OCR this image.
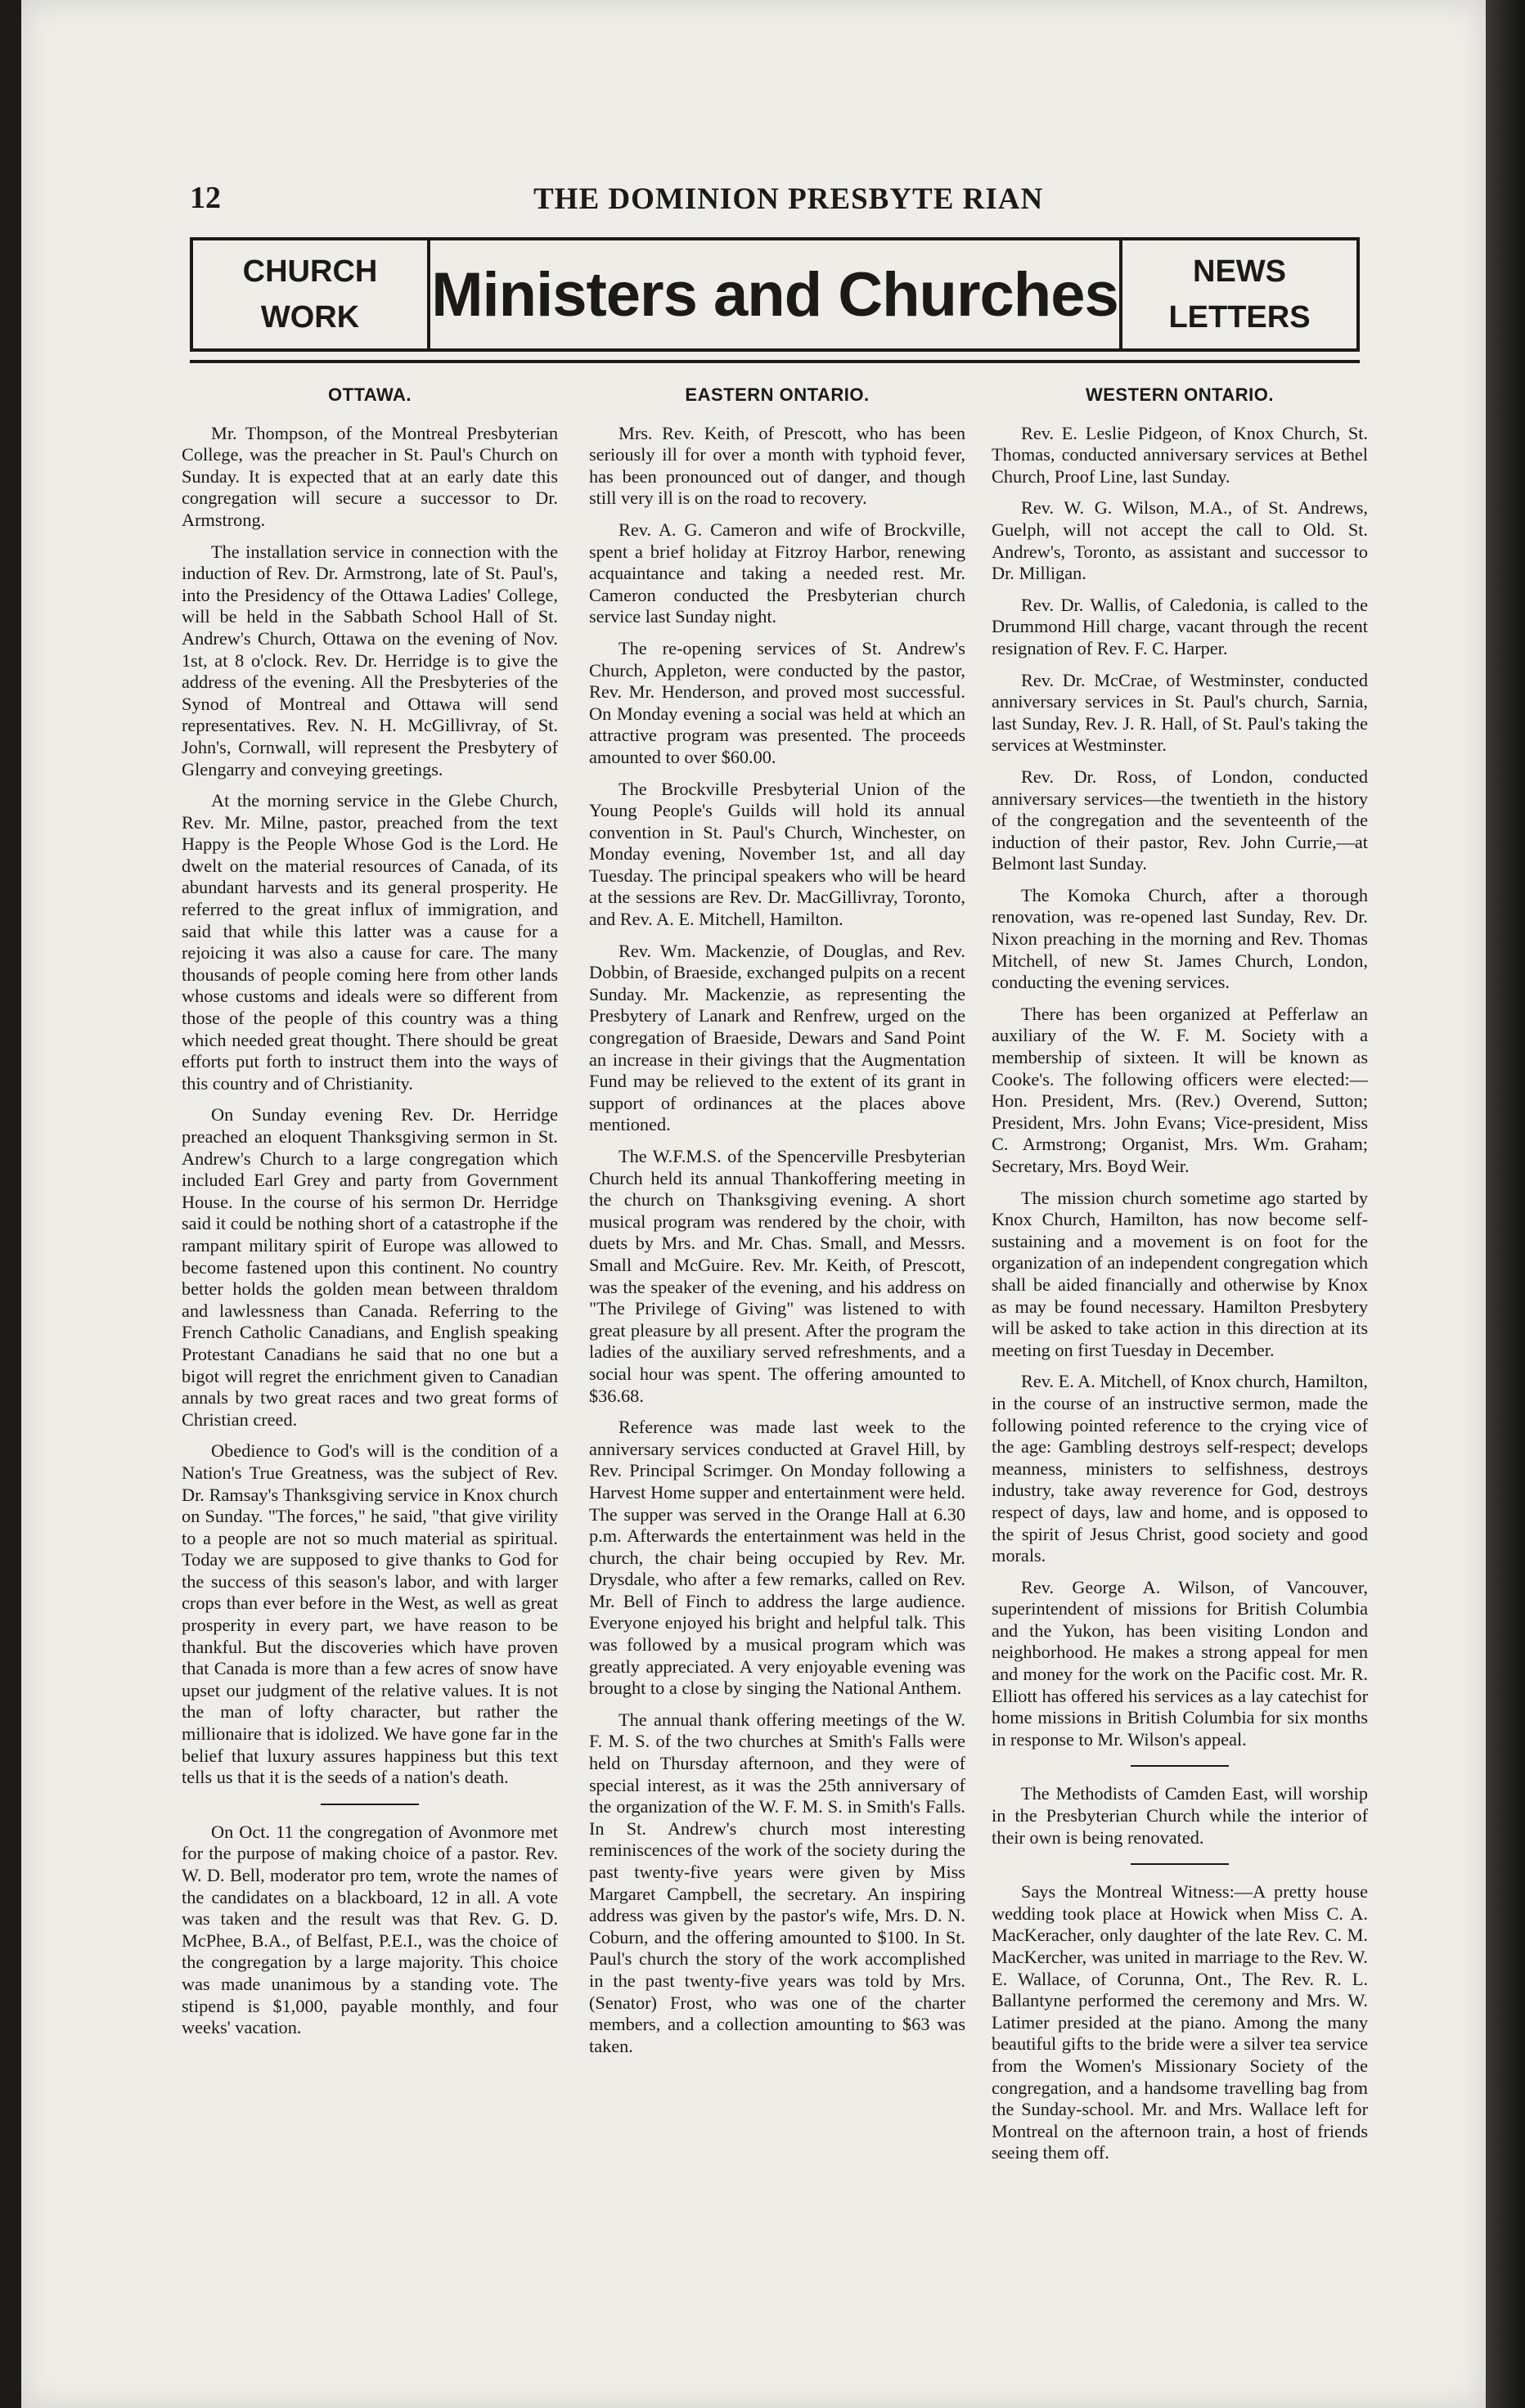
12	THE DOMINION PRESBYTE ⁠RIAN
CHURCH
WORK Ministers and Churches NEWS
LETTERS
OTTAWA.

Mr. Thompson, of the Montreal Presbyterian College, was the preacher in St. Paul's Church on Sunday. It is expected that at an early date this congregation will secure a successor to Dr. Armstrong.

The installation service in connection with the induction of Rev. Dr. Armstrong, late of St. Paul's, into the Presidency of the Ottawa Ladies' College, will be held in the Sabbath School Hall of St. Andrew's Church, Ottawa on the evening of Nov. 1st, at 8 o'clock. Rev. Dr. Herridge is to give the address of the evening. All the Presbyteries of the Synod of Montreal and Ottawa will send representatives. Rev. N. H. McGillivray, of St. John's, Cornwall, will represent the Presbytery of Glengarry and conveying greetings.

At the morning service in the Glebe Church, Rev. Mr. Milne, pastor, preached from the text Happy is the People Whose God is the Lord. He dwelt on the material resources of Canada, of its abundant harvests and its general prosperity. He referred to the great influx of immigration, and said that while this latter was a cause for a rejoicing it was also a cause for care. The many thousands of people coming here from other lands whose customs and ideals were so different from those of the people of this country was a thing which needed great thought. There should be great efforts put forth to instruct them into the ways of this country and of Christianity.

On Sunday evening Rev. Dr. Herridge preached an eloquent Thanksgiving sermon in St. Andrew's Church to a large congregation which included Earl Grey and party from Government House. In the course of his sermon Dr. Herridge said it could be nothing short of a catastrophe if the rampant military spirit of Europe was allowed to become fastened upon this continent. No country better holds the golden mean between thraldom and lawlessness than Canada. Referring to the French Catholic Canadians, and English speaking Protestant Canadians he said that no one but a bigot will regret the enrichment given to Canadian annals by two great races and two great forms of Christian creed.

Obedience to God's will is the condition of a Nation's True Greatness, was the subject of Rev. Dr. Ramsay's Thanksgiving service in Knox church on Sunday. "The forces," he said, "that give virility to a people are not so much material as spiritual. Today we are supposed to give thanks to God for the success of this season's labor, and with larger crops than ever before in the West, as well as great prosperity in every part, we have reason to be thankful. But the discoveries which have proven that Canada is more than a few acres of snow have upset our judgment of the relative values. It is not the man of lofty character, but rather the millionaire that is idolized. We have gone far in the belief that luxury assures happiness but this text tells us that it is the seeds of a nation's death.

On Oct. 11 the congregation of Avonmore met for the purpose of making choice of a pastor. Rev. W. D. Bell, moderator pro tem, wrote the names of the candidates on a blackboard, 12 in all. A vote was taken and the result was that Rev. G. D. McPhee, B.A., of Belfast, P.E.I., was the choice of the congregation by a large majority. This choice was made unanimous by a standing vote. The stipend is $1,000, payable monthly, and four weeks' vacation.

EASTERN ONTARIO.

Mrs. Rev. Keith, of Prescott, who has been seriously ill for over a month with typhoid fever, has been pronounced out of danger, and though still very ill is on the road to recovery.

Rev. A. G. Cameron and wife of Brockville, spent a brief holiday at Fitzroy Harbor, renewing acquaintance and taking a needed rest. Mr. Cameron conducted the Presbyterian church service last Sunday night.

The re-opening services of St. Andrew's Church, Appleton, were conducted by the pastor, Rev. Mr. Henderson, and proved most successful. On Monday evening a social was held at which an attractive program was presented. The proceeds amounted to over $60.00.

The Brockville Presbyterial Union of the Young People's Guilds will hold its annual convention in St. Paul's Church, Winchester, on Monday evening, November 1st, and all day Tuesday. The principal speakers who will be heard at the sessions are Rev. Dr. MacGillivray, Toronto, and Rev. A. E. Mitchell, Hamilton.

Rev. Wm. Mackenzie, of Douglas, and Rev. Dobbin, of Braeside, exchanged pulpits on a recent Sunday. Mr. Mackenzie, as representing the Presbytery of Lanark and Renfrew, urged on the congregation of Braeside, Dewars and Sand Point an increase in their givings that the Augmentation Fund may be relieved to the extent of its grant in support of ordinances at the places above mentioned.

The W.F.M.S. of the Spencerville Presbyterian Church held its annual Thankoffering meeting in the church on Thanksgiving evening. A short musical program was rendered by the choir, with duets by Mrs. and Mr. Chas. Small, and Messrs. Small and McGuire. Rev. Mr. Keith, of Prescott, was the speaker of the evening, and his address on "The Privilege of Giving" was listened to with great pleasure by all present. After the program the ladies of the auxiliary served refreshments, and a social hour was spent. The offering amounted to $36.68.

Reference was made last week to the anniversary services conducted at Gravel Hill, by Rev. Principal Scrimger. On Monday following a Harvest Home supper and entertainment were held. The supper was served in the Orange Hall at 6.30 p.m. Afterwards the entertainment was held in the church, the chair being occupied by Rev. Mr. Drysdale, who after a few remarks, called on Rev. Mr. Bell of Finch to address the large audience. Everyone enjoyed his bright and helpful talk. This was followed by a musical program which was greatly appreciated. A very enjoyable evening was brought to a close by singing the National Anthem.

The annual thank offering meetings of the W. F. M. S. of the two churches at Smith's Falls were held on Thursday afternoon, and they were of special interest, as it was the 25th anniversary of the organization of the W. F. M. S. in Smith's Falls. In St. Andrew's church most interesting reminiscences of the work of the society during the past twenty-five years were given by Miss Margaret Campbell, the secretary. An inspiring address was given by the pastor's wife, Mrs. D. N. Coburn, and the offering amounted to $100. In St. Paul's church the story of the work accomplished in the past twenty-five years was told by Mrs. (Senator) Frost, who was one of the charter members, and a collection amounting to $63 was taken.

WESTERN ONTARIO.

Rev. E. Leslie Pidgeon, of Knox Church, St. Thomas, conducted anniversary services at Bethel Church, Proof Line, last Sunday.

Rev. W. G. Wilson, M.A., of St. Andrews, Guelph, will not accept the call to Old. St. Andrew's, Toronto, as assistant and successor to Dr. Milligan.

Rev. Dr. Wallis, of Caledonia, is called to the Drummond Hill charge, vacant through the recent resignation of Rev. F. C. Harper.

Rev. Dr. McCrae, of Westminster, conducted anniversary services in St. Paul's church, Sarnia, last Sunday, Rev. J. R. Hall, of St. Paul's taking the services at Westminster.

Rev. Dr. Ross, of London, conducted anniversary services—the twentieth in the history of the congregation and the seventeenth of the induction of their pastor, Rev. John Currie,—at Belmont last Sunday.

The Komoka Church, after a thorough renovation, was re-opened last Sunday, Rev. Dr. Nixon preaching in the morning and Rev. Thomas Mitchell, of new St. James Church, London, conducting the evening services.

There has been organized at Pefferlaw an auxiliary of the W. F. M. Society with a membership of sixteen. It will be known as Cooke's. The following officers were elected:—Hon. President, Mrs. (Rev.) Overend, Sutton; President, Mrs. John Evans; Vice-president, Miss C. Armstrong; Organist, Mrs. Wm. Graham; Secretary, Mrs. Boyd Weir.

The mission church sometime ago started by Knox Church, Hamilton, has now become self-sustaining and a movement is on foot for the organization of an independent congregation which shall be aided financially and otherwise by Knox as may be found necessary. Hamilton Presbytery will be asked to take action in this direction at its meeting on first Tuesday in December.

Rev. E. A. Mitchell, of Knox church, Hamilton, in the course of an instructive sermon, made the following pointed reference to the crying vice of the age: Gambling destroys self-respect; develops meanness, ministers to selfishness, destroys industry, take away reverence for God, destroys respect of days, law and home, and is opposed to the spirit of Jesus Christ, good society and good morals.

Rev. George A. Wilson, of Vancouver, superintendent of missions for British Columbia and the Yukon, has been visiting London and neighborhood. He makes a strong appeal for men and money for the work on the Pacific cost. Mr. R. Elliott has offered his services as a lay catechist for home missions in British Columbia for six months in response to Mr. Wilson's appeal.

The Methodists of Camden East, will worship in the Presbyterian Church while the interior of their own is being renovated.

Says the Montreal Witness:—A pretty house wedding took place at Howick when Miss C. A. MacKeracher, only daughter of the late Rev. C. M. MacKercher, was united in marriage to the Rev. W. E. Wallace, of Corunna, Ont., The Rev. R. L. Ballantyne performed the ceremony and Mrs. W. Latimer presided at the piano. Among the many beautiful gifts to the bride were a silver tea service from the Women's Missionary Society of the congregation, and a handsome travelling bag from the Sunday-school. Mr. and Mrs. Wallace left for Montreal on the afternoon train, a host of friends seeing them off.
